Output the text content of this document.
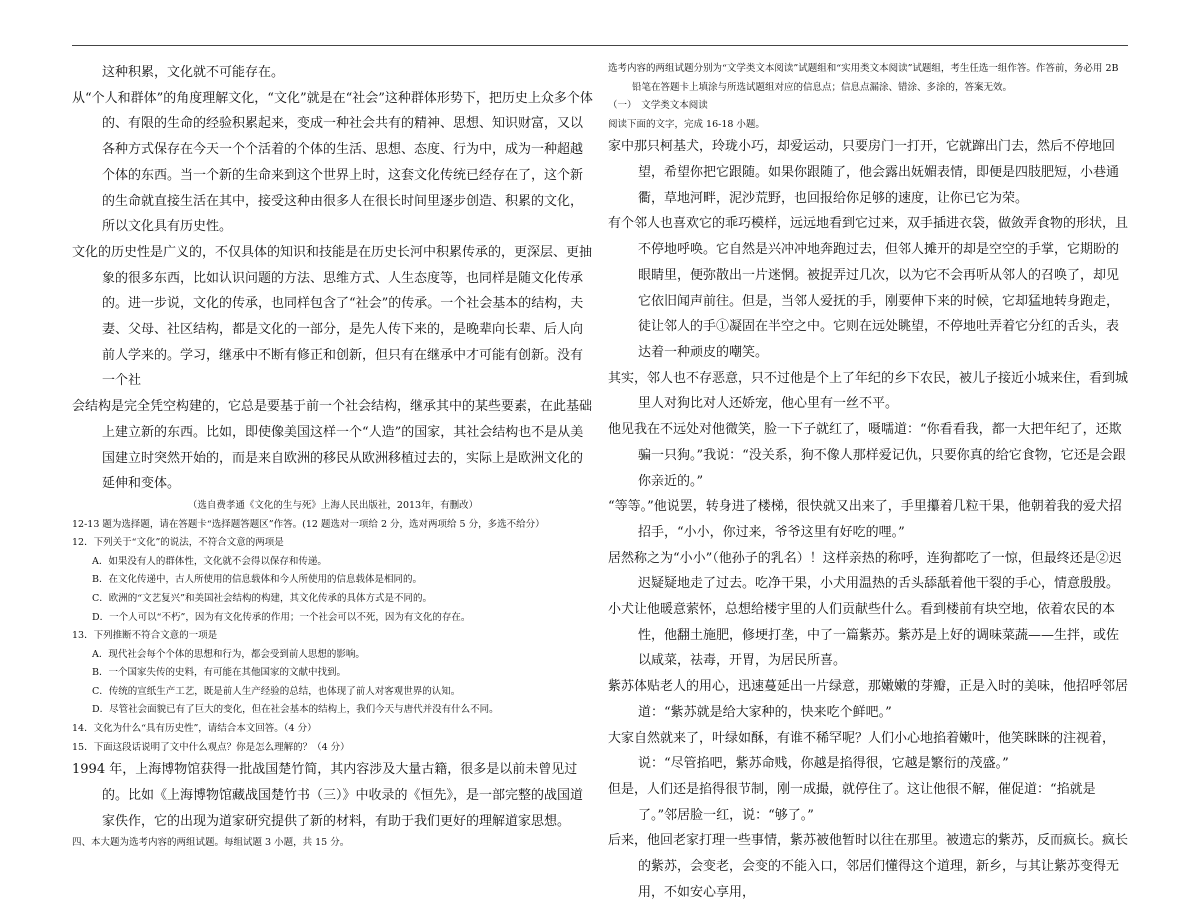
这种积累，文化就不可能存在。

从“个人和群体”的角度理解文化，“文化”就是在“社会”这种群体形势下，把历史上众多个体的、有限的生命的经验积累起来，变成一种社会共有的精神、思想、知识财富，又以各种方式保存在今天一个个活着的个体的生活、思想、态度、行为中，成为一种超越个体的东西。当一个新的生命来到这个世界上时，这套文化传统已经存在了，这个新的生命就直接生活在其中，接受这种由很多人在很长时间里逐步创造、积累的文化，所以文化具有历史性。

文化的历史性是广义的，不仅具体的知识和技能是在历史长河中积累传承的，更深层、更抽象的很多东西，比如认识问题的方法、思维方式、人生态度等，也同样是随文化传承的。进一步说，文化的传承，也同样包含了“社会”的传承。一个社会基本的结构，夫妻、父母、社区结构，都是文化的一部分，是先人传下来的，是晚辈向长辈、后人向前人学来的。学习，继承中不断有修正和创新，但只有在继承中才可能有创新。没有一个社

会结构是完全凭空构建的，它总是要基于前一个社会结构，继承其中的某些要素，在此基础上建立新的东西。比如，即使像美国这样一个“人造”的国家，其社会结构也不是从美国建立时突然开始的，而是来自欧洲的移民从欧洲移植过去的，实际上是欧洲文化的延伸和变体。

（选自费孝通《文化的生与死》上海人民出版社，2013年，有删改）

12-13 题为选择题，请在答题卡“选择题答题区”作答。(12 题选对一项给 2 分，选对两项给 5 分，多选不给分）

12．下列关于“文化”的说法，不符合文意的两项是

A．如果没有人的群体性，文化就不会得以保存和传递。

B．在文化传递中，古人所使用的信息载体和今人所使用的信息载体是相同的。

C．欧洲的“文艺复兴”和美国社会结构的构建，其文化传承的具体方式是不同的。

D．一个人可以“不朽”，因为有文化传承的作用；一个社会可以不死，因为有文化的存在。

13．下列推断不符合文意的一项是

A．现代社会每个个体的思想和行为，都会受到前人思想的影响。

B．一个国家失传的史料，有可能在其他国家的文献中找到。

C．传统的宣纸生产工艺，既是前人生产经验的总结，也体现了前人对客观世界的认知。

D．尽管社会面貌已有了巨大的变化，但在社会基本的结构上，我们今天与唐代并没有什么不同。

14．文化为什么“具有历史性”，请结合本文回答。（4 分）

15．下面这段话说明了文中什么观点？你是怎么理解的？（4 分）

1994 年，上海博物馆获得一批战国楚竹简，其内容涉及大量古籍，很多是以前未曾见过的。比如《上海博物馆藏战国楚竹书（三）》中收录的《恒先》，是一部完整的战国道家佚作，它的出现为道家研究提供了新的材料，有助于我们更好的理解道家思想。

四、本大题为选考内容的两组试题。每组试题 3 小题，共 15 分。

选考内容的两组试题分别为“文学类文本阅读”试题组和“实用类文本阅读”试题组，考生任选一组作答。作答前，务必用 2B 铅笔在答题卡上填涂与所选试题组对应的信息点；信息点漏涂、错涂、多涂的，答案无效。

（一）　文学类文本阅读

阅读下面的文字，完成 16-18 小题。

家中那只柯基犬，玲珑小巧，却爱运动，只要房门一打开，它就蹿出门去，然后不停地回望，希望你把它跟随。如果你跟随了，他会露出妩媚表情，即便是四肢肥短，小巷通衢，草地河畔，泥沙荒野，也回报给你足够的速度，让你已它为荣。

有个邻人也喜欢它的乖巧模样，远远地看到它过来，双手插进衣袋，做敛弄食物的形状，且不停地呼唤。它自然是兴冲冲地奔跑过去，但邻人摊开的却是空空的手掌，它期盼的眼睛里，便弥散出一片迷惘。被捉弄过几次，以为它不会再听从邻人的召唤了，却见它依旧闻声前往。但是，当邻人爱抚的手，刚要伸下来的时候，它却猛地转身跑走，徒让邻人的手①凝固在半空之中。它则在远处眺望，不停地吐弄着它分红的舌头，表达着一种顽皮的嘲笑。

其实，邻人也不存恶意，只不过他是个上了年纪的乡下农民，被儿子接近小城来住，看到城里人对狗比对人还娇宠，他心里有一丝不平。

他见我在不远处对他微笑，脸一下子就红了，嗫嚅道：“你看看我，都一大把年纪了，还欺骗一只狗。”我说：“没关系，狗不像人那样爱记仇，只要你真的给它食物，它还是会跟你亲近的。”

“等等。”他说罢，转身进了楼梯，很快就又出来了，手里攥着几粒干果，他朝着我的爱犬招招手，“小小，你过来，爷爷这里有好吃的哩。”

居然称之为“小小”（他孙子的乳名）！这样亲热的称呼，连狗都吃了一惊，但最终还是②迟迟疑疑地走了过去。吃净干果，小犬用温热的舌头舔舐着他干裂的手心，情意殷殷。

小犬让他暖意萦怀，总想给楼宇里的人们贡献些什么。看到楼前有块空地，依着农民的本性，他翻土施肥，修埂打垄，中了一篇紫苏。紫苏是上好的调味菜蔬——生拌，或佐以咸菜，祛毒，开胃，为居民所喜。

紫苏体贴老人的用心，迅速蔓延出一片绿意，那嫩嫩的芽瓣，正是入时的美味，他招呼邻居道：“紫苏就是给大家种的，快来吃个鲜吧。”

大家自然就来了，叶绿如酥，有谁不稀罕呢？人们小心地掐着嫩叶，他笑眯眯的注视着，说：“尽管掐吧，紫苏命贱，你越是掐得很，它越是繁衍的茂盛。”

但是，人们还是掐得很节制，刚一成撮，就停住了。这让他很不解，催促道：“掐就是了。”邻居脸一红，说：“够了。”

后来，他回老家打理一些事情，紫苏被他暂时以往在那里。被遗忘的紫苏，反而疯长。疯长的紫苏，会变老，会变的不能入口，邻居们懂得这个道理，新乡，与其让紫苏变得无用，不如安心享用，
